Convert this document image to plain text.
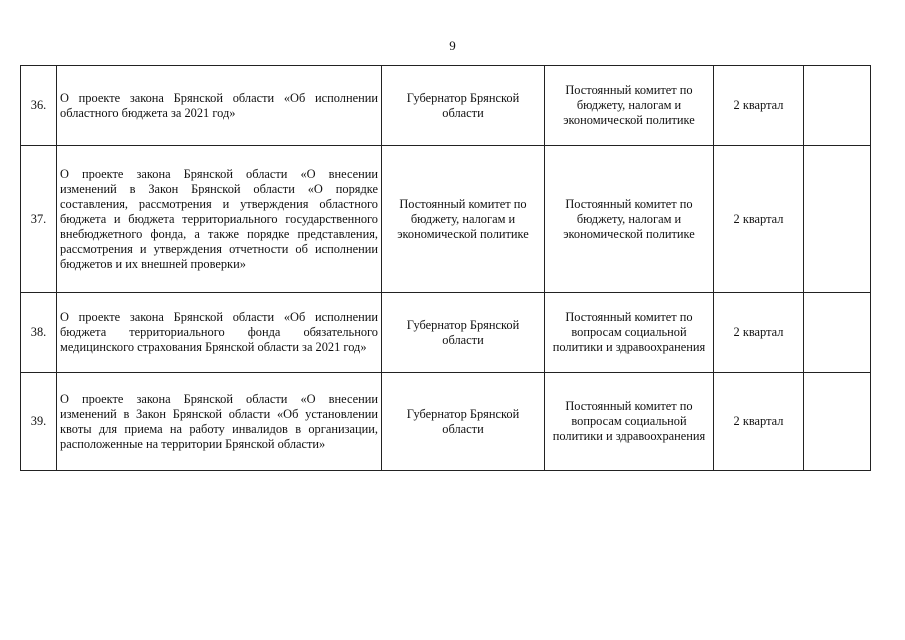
9
36.	О проекте закона Брянской области «Об исполнении областного бюджета за 2021 год»	Губернатор Брянской области	Постоянный комитет по бюджету, налогам и экономической политике	2 квартал	
37.	О проекте закона Брянской области «О внесении изменений в Закон Брянской области «О порядке составления, рассмотрения и утверждения областного бюджета и бюджета территориального государственного внебюджетного фонда, а также порядке представления, рассмотрения и утверждения отчетности об исполнении бюджетов и их внешней проверки»	Постоянный комитет по бюджету, налогам и экономической политике	Постоянный комитет по бюджету, налогам и экономической политике	2 квартал	
38.	О проекте закона Брянской области «Об исполнении бюджета территориального фонда обязательного медицинского страхования Брянской области за 2021 год»	Губернатор Брянской области	Постоянный комитет по вопросам социальной политики и здравоохранения	2 квартал	
39.	О проекте закона Брянской области «О внесении изменений в Закон Брянской области «Об установлении квоты для приема на работу инвалидов в организации, расположенные на территории Брянской области»	Губернатор Брянской области	Постоянный комитет по вопросам социальной политики и здравоохранения	2 квартал	
